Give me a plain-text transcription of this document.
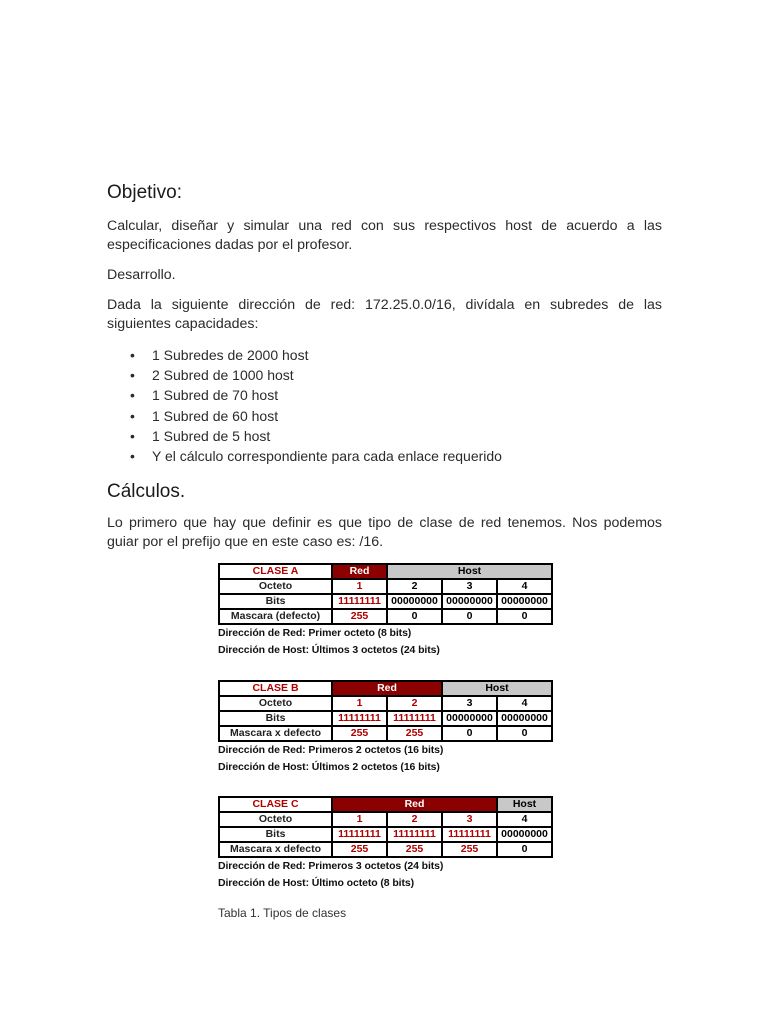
Objetivo:
Calcular, diseñar y simular una red con sus respectivos host de acuerdo a las especificaciones dadas por el profesor.
Desarrollo.
Dada la siguiente dirección de red: 172.25.0.0/16, divídala en subredes de las siguientes capacidades:
• 1 Subredes de 2000 host
• 2 Subred de 1000 host
• 1 Subred de 70 host
• 1 Subred de 60 host
• 1 Subred de 5 host
• Y el cálculo correspondiente para cada enlace requerido
Cálculos.
Lo primero que hay que definir es que tipo de clase de red tenemos. Nos podemos guiar por el prefijo que en este caso es: /16.
CLASE A	Red	Host		
Octeto	1	2	3	4
Bits	11111111	00000000	00000000	00000000
Mascara (defecto)	255	0	0	0
Dirección de Red: Primer octeto (8 bits)
Dirección de Host: Últimos 3 octetos (24 bits)
CLASE B	Red		Host	
Octeto	1	2	3	4
Bits	11111111	11111111	00000000	00000000
Mascara x defecto	255	255	0	0
Dirección de Red: Primeros 2 octetos (16 bits)
Dirección de Host: Últimos 2 octetos (16 bits)
CLASE C	Red			Host
Octeto	1	2	3	4
Bits	11111111	11111111	11111111	00000000
Mascara x defecto	255	255	255	0
Dirección de Red: Primeros 3 octetos (24 bits)
Dirección de Host: Último octeto (8 bits)
Tabla 1. Tipos de clases
